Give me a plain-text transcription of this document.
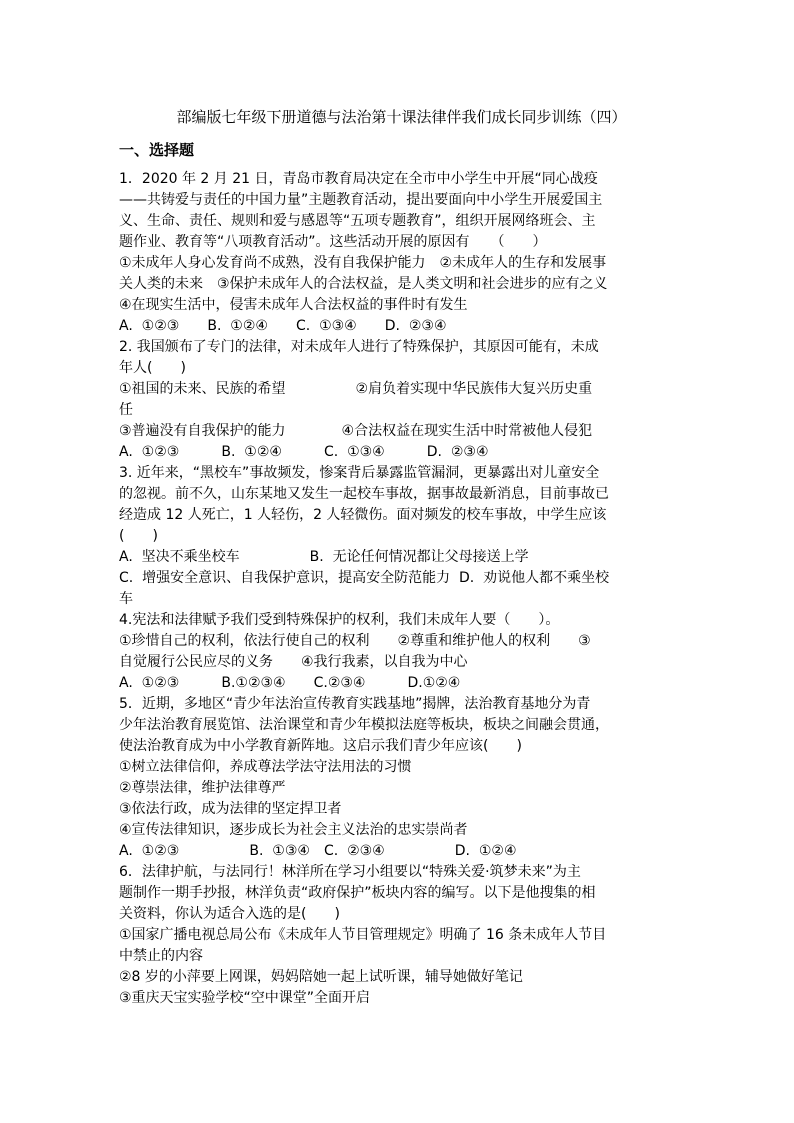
部编版七年级下册道德与法治第十课法律伴我们成长同步训练（四）
一、选择题
1．2020 年 2 月 21 日，青岛市教育局决定在全市中小学生中开展“同心战疫
——共铸爱与责任的中国力量”主题教育活动，提出要面向中小学生开展爱国主
义、生命、责任、规则和爱与感恩等“五项专题教育”，组织开展网络班会、主
题作业、教育等“八项教育活动”。这些活动开展的原因有　　（　　）
①未成年人身心发育尚不成熟，没有自我保护能力　②未成年人的生存和发展事
关人类的未来　③保护未成年人的合法权益，是人类文明和社会进步的应有之义
④在现实生活中，侵害未成年人合法权益的事件时有发生
A.  ①②③　　B.  ①②④　　C.  ①③④　　D.  ②③④
2. 我国颁布了专门的法律，对未成年人进行了特殊保护，其原因可能有，未成
年人(　　)
①祖国的未来、民族的希望　　　　　②肩负着实现中华民族伟大复兴历史重
任
③普遍没有自我保护的能力　　　　④合法权益在现实生活中时常被他人侵犯
A.  ①②③　　　B.  ①②④　　　C.  ①③④　　　D.  ②③④
3. 近年来，“黑校车”事故频发，惨案背后暴露监管漏洞，更暴露出对儿童安全
的忽视。前不久，山东某地又发生一起校车事故，据事故最新消息，目前事故已
经造成 12 人死亡，1 人轻伤，2 人轻微伤。面对频发的校车事故，中学生应该
(　　)
A.  坚决不乘坐校车　　　　　B.  无论任何情况都让父母接送上学
C.  增强安全意识、自我保护意识，提高安全防范能力  D.  劝说他人都不乘坐校
车
4.宪法和法律赋予我们受到特殊保护的权利，我们未成年人要（　　）。
①珍惜自己的权利，依法行使自己的权利　　②尊重和维护他人的权利　　③
自觉履行公民应尽的义务　　④我行我素，以自我为中心
A.  ①②③　　　B.①②③④　　C.②③④　　　D.①②④
5．近期，多地区“青少年法治宣传教育实践基地”揭牌，法治教育基地分为青
少年法治教育展览馆、法治课堂和青少年模拟法庭等板块，板块之间融会贯通，
使法治教育成为中小学教育新阵地。这启示我们青少年应该(　　)
①树立法律信仰，养成尊法学法守法用法的习惯
②尊崇法律，维护法律尊严
③依法行政，成为法律的坚定捍卫者
④宣传法律知识，逐步成长为社会主义法治的忠实崇尚者
A.  ①②③　　　　　B.  ①③④　C.  ②③④　　　　　D.  ①②④
6．法律护航，与法同行！林洋所在学习小组要以“特殊关爱·筑梦未来”为主
题制作一期手抄报，林洋负责“政府保护”板块内容的编写。以下是他搜集的相
关资料，你认为适合入选的是(　　)
①国家广播电视总局公布《未成年人节目管理规定》明确了 16 条未成年人节目
中禁止的内容
②8 岁的小萍要上网课，妈妈陪她一起上试听课，辅导她做好笔记
③重庆天宝实验学校“空中课堂”全面开启
